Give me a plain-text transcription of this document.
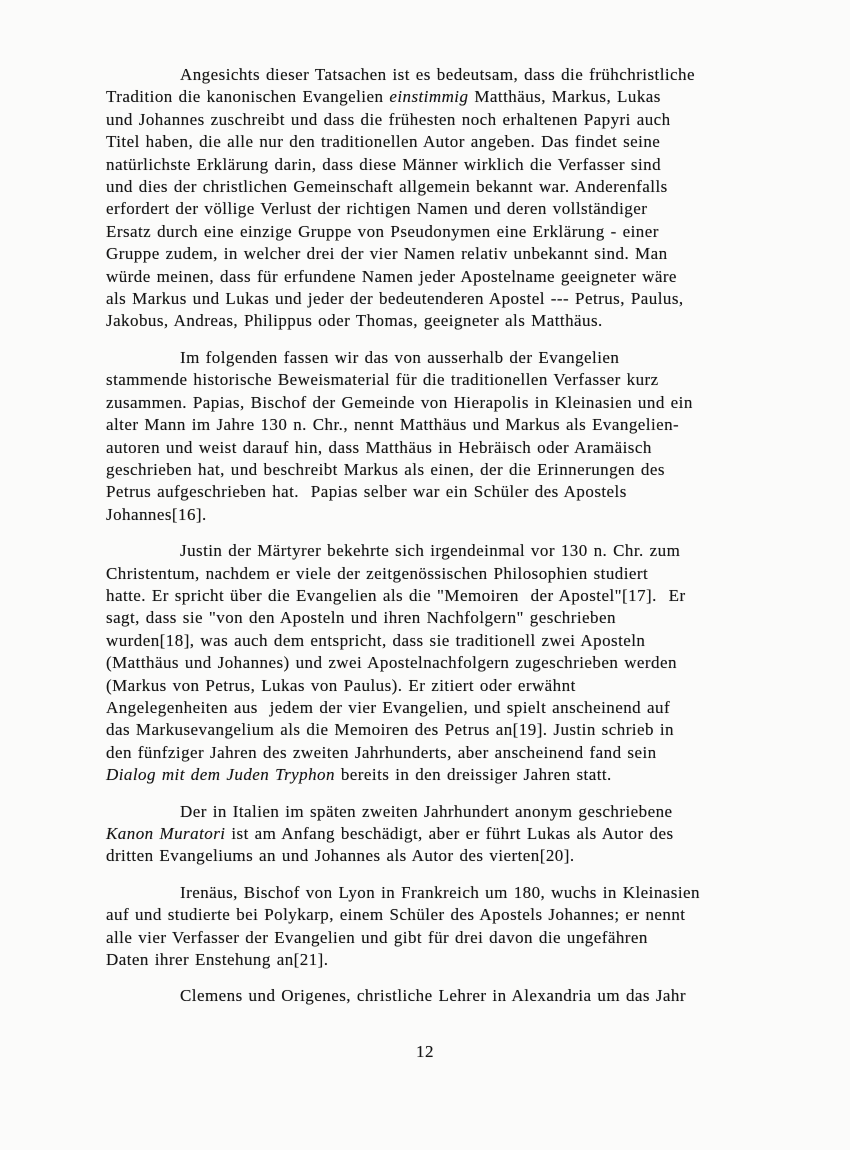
Angesichts dieser Tatsachen ist es bedeutsam, dass die frühchristliche
Tradition die kanonischen Evangelien einstimmig Matthäus, Markus, Lukas
und Johannes zuschreibt und dass die frühesten noch erhaltenen Papyri auch
Titel haben, die alle nur den traditionellen Autor angeben. Das findet seine
natürlichste Erklärung darin, dass diese Männer wirklich die Verfasser sind
und dies der christlichen Gemeinschaft allgemein bekannt war. Anderenfalls
erfordert der völlige Verlust der richtigen Namen und deren vollständiger
Ersatz durch eine einzige Gruppe von Pseudonymen eine Erklärung - einer
Gruppe zudem, in welcher drei der vier Namen relativ unbekannt sind. Man
würde meinen, dass für erfundene Namen jeder Apostelname geeigneter wäre
als Markus und Lukas und jeder der bedeutenderen Apostel --- Petrus, Paulus,
Jakobus, Andreas, Philippus oder Thomas, geeigneter als Matthäus.
Im folgenden fassen wir das von ausserhalb der Evangelien
stammende historische Beweismaterial für die traditionellen Verfasser kurz
zusammen. Papias, Bischof der Gemeinde von Hierapolis in Kleinasien und ein
alter Mann im Jahre 130 n. Chr., nennt Matthäus und Markus als Evangelien-
autoren und weist darauf hin, dass Matthäus in Hebräisch oder Aramäisch
geschrieben hat, und beschreibt Markus als einen, der die Erinnerungen des
Petrus aufgeschrieben hat.  Papias selber war ein Schüler des Apostels
Johannes[16].
Justin der Märtyrer bekehrte sich irgendeinmal vor 130 n. Chr. zum
Christentum, nachdem er viele der zeitgenössischen Philosophien studiert
hatte. Er spricht über die Evangelien als die "Memoiren  der Apostel"[17].  Er
sagt, dass sie "von den Aposteln und ihren Nachfolgern" geschrieben
wurden[18], was auch dem entspricht, dass sie traditionell zwei Aposteln
(Matthäus und Johannes) und zwei Apostelnachfolgern zugeschrieben werden
(Markus von Petrus, Lukas von Paulus). Er zitiert oder erwähnt
Angelegenheiten aus  jedem der vier Evangelien, und spielt anscheinend auf
das Markusevangelium als die Memoiren des Petrus an[19]. Justin schrieb in
den fünfziger Jahren des zweiten Jahrhunderts, aber anscheinend fand sein
Dialog mit dem Juden Tryphon bereits in den dreissiger Jahren statt.
Der in Italien im späten zweiten Jahrhundert anonym geschriebene
Kanon Muratori ist am Anfang beschädigt, aber er führt Lukas als Autor des
dritten Evangeliums an und Johannes als Autor des vierten[20].
Irenäus, Bischof von Lyon in Frankreich um 180, wuchs in Kleinasien
auf und studierte bei Polykarp, einem Schüler des Apostels Johannes; er nennt
alle vier Verfasser der Evangelien und gibt für drei davon die ungefähren
Daten ihrer Enstehung an[21].
Clemens und Origenes, christliche Lehrer in Alexandria um das Jahr
12
